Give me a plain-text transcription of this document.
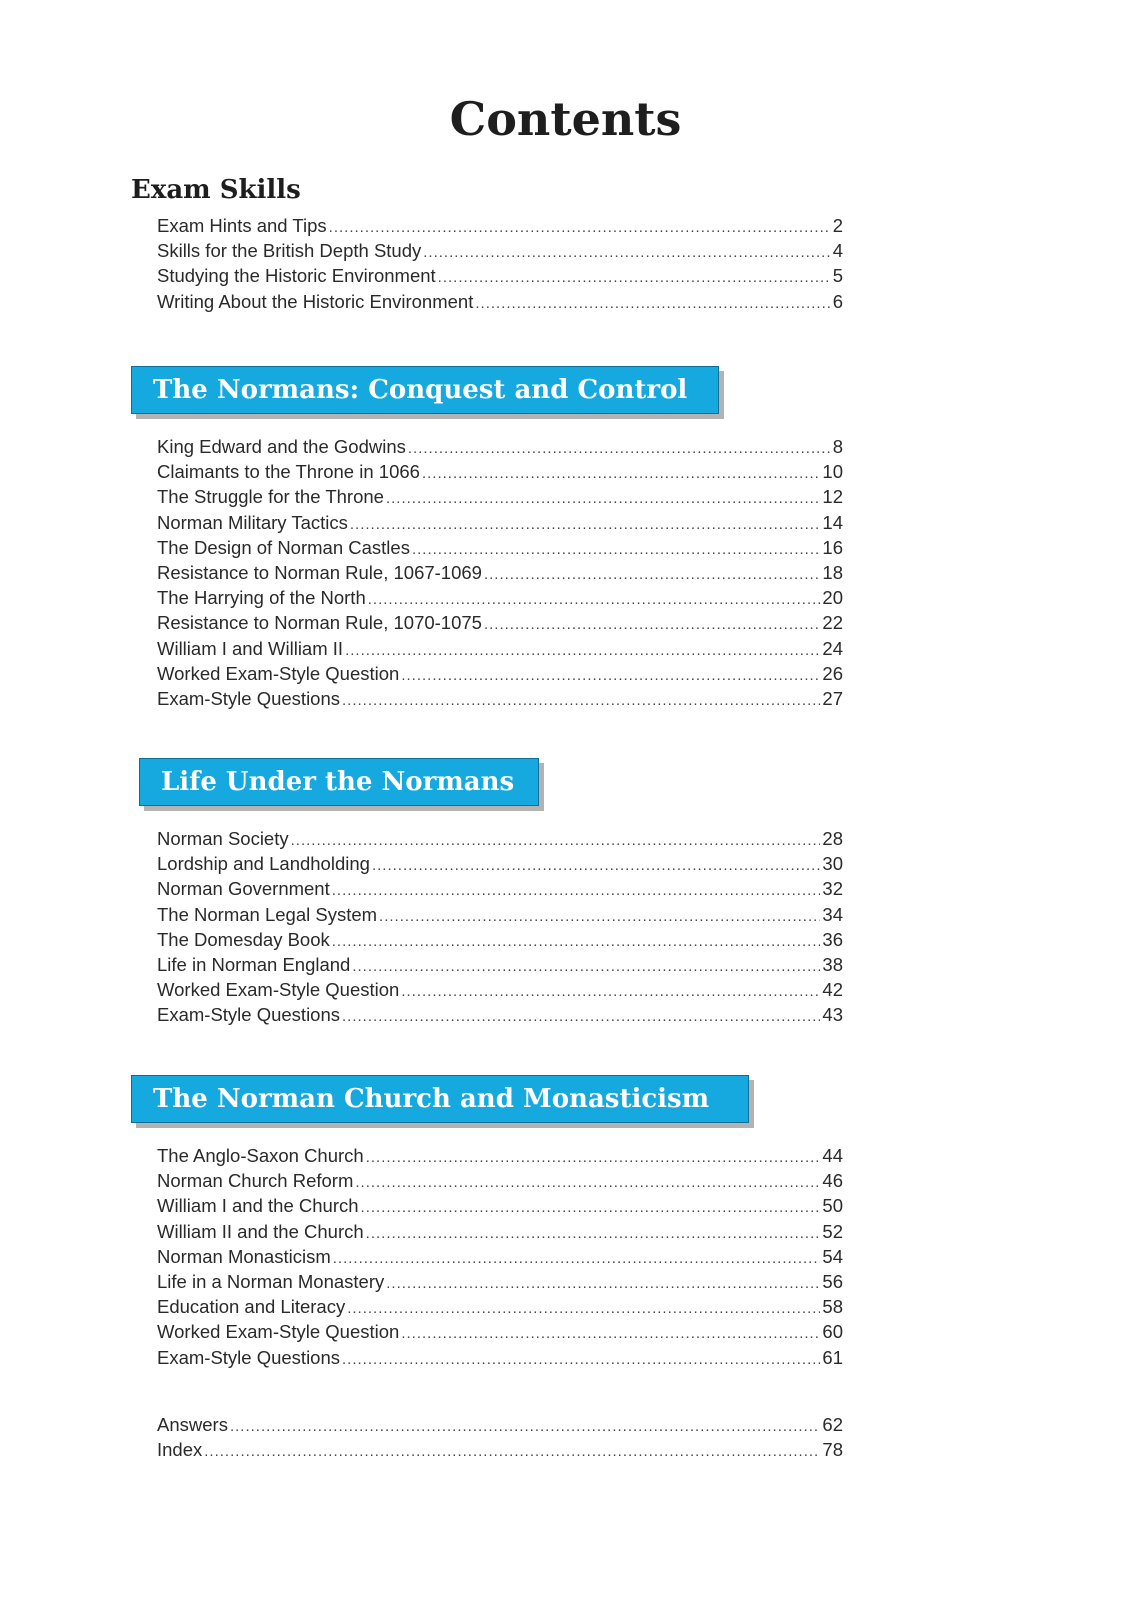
Contents
Exam Skills
Exam Hints and Tips .....	2
Skills for the British Depth Study .....	4
Studying the Historic Environment .....	5
Writing About the Historic Environment .....	6
The Normans: Conquest and Control
King Edward and the Godwins .....	8
Claimants to the Throne in 1066 .....	10
The Struggle for the Throne .....	12
Norman Military Tactics .....	14
The Design of Norman Castles .....	16
Resistance to Norman Rule, 1067-1069 .....	18
The Harrying of the North .....	20
Resistance to Norman Rule, 1070-1075 .....	22
William I and William II .....	24
Worked Exam-Style Question .....	26
Exam-Style Questions .....	27
Life Under the Normans
Norman Society .....	28
Lordship and Landholding .....	30
Norman Government .....	32
The Norman Legal System .....	34
The Domesday Book .....	36
Life in Norman England .....	38
Worked Exam-Style Question .....	42
Exam-Style Questions .....	43
The Norman Church and Monasticism
The Anglo-Saxon Church .....	44
Norman Church Reform .....	46
William I and the Church .....	50
William II and the Church .....	52
Norman Monasticism .....	54
Life in a Norman Monastery .....	56
Education and Literacy .....	58
Worked Exam-Style Question .....	60
Exam-Style Questions .....	61
Answers .....	62
Index .....	78
